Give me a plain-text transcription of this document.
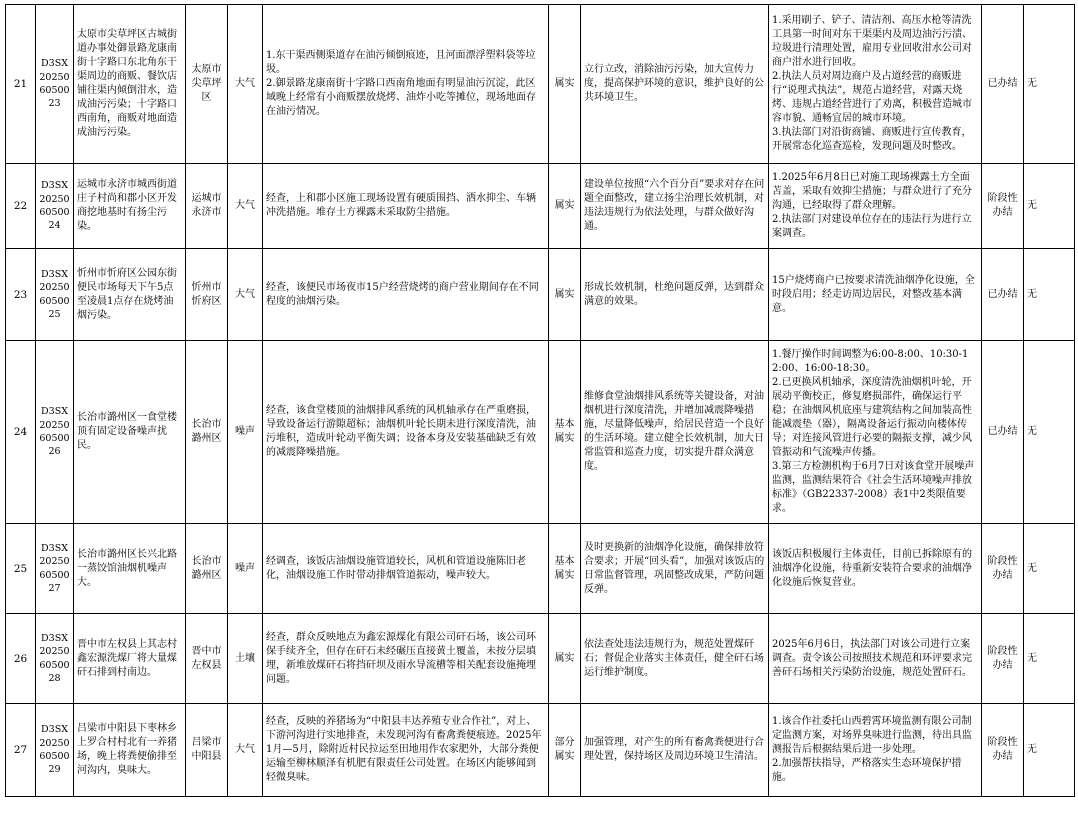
21	D3SX202506050023	太原市尖草坪区古城街道办事处御景路龙康南街十字路口东北角东干渠周边的商贩、餐饮店铺往渠内倾倒泔水，造成油污污染；十字路口西南角，商贩对地面造成油污污染。	太原市尖草坪区	大气	1.东干渠西侧渠道存在油污倾倒痕迹，且河面漂浮塑料袋等垃圾。
2.御景路龙康南街十字路口西南角地面有明显油污沉淀，此区域晚上经常有小商贩摆放烧烤、油炸小吃等摊位，现场地面存在油污情况。	属实	立行立改，消除油污污染，加大宣传力度，提高保护环境的意识，维护良好的公共环境卫生。	1.采用刷子、铲子、清洁剂、高压水枪等清洗工具第一时间对东干渠渠内及周边油污污渍、垃圾进行清理处置，雇用专业回收泔水公司对商户泔水进行回收。
2.执法人员对周边商户及占道经营的商贩进行“说理式执法”，规范占道经营，对露天烧烤、违规占道经营进行了劝离，积极营造城市容市貌、通畅宜居的城市环境。
3.执法部门对沿街商铺、商贩进行宣传教育，开展常态化巡查巡检，发现问题及时整改。	已办结	无
22	D3SX202506050024	运城市永济市城西街道庄子村尚和郡小区开发商挖地基时有扬尘污染。	运城市永济市	大气	经查，上和郡小区施工现场设置有硬质围挡、洒水抑尘、车辆冲洗措施。堆存土方裸露未采取防尘措施。	属实	建设单位按照“六个百分百”要求对存在问题全面整改，建立扬尘治理长效机制，对违法违规行为依法处理，与群众做好沟通。	1.2025年6月8日已对施工现场裸露土方全面苫盖，采取有效抑尘措施；与群众进行了充分沟通，已经取得了群众理解。
2.执法部门对建设单位存在的违法行为进行立案调查。	阶段性办结	无
23	D3SX202506050025	忻州市忻府区公园东街便民市场每天下午5点至凌晨1点存在烧烤油烟污染。	忻州市忻府区	大气	经查，该便民市场夜市15户经营烧烤的商户营业期间存在不同程度的油烟污染。	属实	形成长效机制，杜绝问题反弹，达到群众满意的效果。	15户烧烤商户已按要求清洗油烟净化设施，全时段启用；经走访周边居民，对整改基本满意。	已办结	无
24	D3SX202506050026	长治市潞州区一食堂楼顶有固定设备噪声扰民。	长治市潞州区	噪声	经查，该食堂楼顶的油烟排风系统的风机轴承存在严重磨损，导致设备运行游隙超标；油烟机叶轮长期未进行深度清洗，油污堆积，造成叶轮动平衡失调；设备本身及安装基础缺乏有效的减震降噪措施。	基本属实	维修食堂油烟排风系统等关键设备，对油烟机进行深度清洗，并增加减震降噪措施，尽量降低噪声，给居民营造一个良好的生活环境。建立健全长效机制，加大日常监管和巡查力度，切实提升群众满意度。	1.餐厅操作时间调整为6:00-8:00、10:30-12:00、16:00-18:30。
2.已更换风机轴承，深度清洗油烟机叶轮，开展动平衡校正，修复磨损部件，确保运行平稳；在油烟风机底座与建筑结构之间加装高性能减震垫（器），隔离设备运行振动向楼体传导；对连接风管进行必要的隔振支撑，减少风管振动和气流噪声传播。
3.第三方检测机构于6月7日对该食堂开展噪声监测，监测结果符合《社会生活环境噪声排放标准》（GB22337-2008）表1中2类限值要求。	已办结	无
25	D3SX202506050027	长治市潞州区长兴北路一蒸饺馆油烟机噪声大。	长治市潞州区	噪声	经调查，该饭店油烟设施管道较长，风机和管道设施陈旧老化，油烟设施工作时带动排烟管道振动，噪声较大。	基本属实	及时更换新的油烟净化设施，确保排放符合要求；开展“回头看”，加强对该饭店的日常监督管理，巩固整改成果，严防问题反弹。	该饭店积极履行主体责任，目前已拆除原有的油烟净化设施，待重新安装符合要求的油烟净化设施后恢复营业。	阶段性办结	无
26	D3SX202506050028	晋中市左权县上其志村鑫宏源洗煤厂将大量煤矸石排到村南边。	晋中市左权县	土壤	经查，群众反映地点为鑫宏源煤化有限公司矸石场，该公司环保手续齐全，但存在矸石未经碾压直接黄土覆盖，未按分层填埋，新堆放煤矸石将挡矸坝及雨水导流槽等相关配套设施掩埋问题。	属实	依法查处违法违规行为，规范处置煤矸石；督促企业落实主体责任，健全矸石场运行维护制度。	2025年6月6日，执法部门对该公司进行立案调查。责令该公司按照技术规范和环评要求完善矸石场相关污染防治设施，规范处置矸石。	阶段性办结	无
27	D3SX202506050029	吕梁市中阳县下枣林乡上罗合村村北有一养猪场，晚上将粪便偷排至河沟内，臭味大。	吕梁市中阳县	大气	经查，反映的养猪场为“中阳县丰达养殖专业合作社”，对上、下游河沟进行实地排查，未发现河沟有畜禽粪便痕迹。2025年1月—5月，除附近村民拉运至田地用作农家肥外，大部分粪便运输至柳林顺泽有机肥有限责任公司处置。在场区内能够闻到轻微臭味。	部分属实	加强管理，对产生的所有畜禽粪便进行合理处置，保持场区及周边环境卫生清洁。	1.该合作社委托山西碧霄环境监测有限公司制定监测方案，对场界臭味进行监测，待出具监测报告后根据结果后进一步处理。
2.加强帮扶指导，严格落实生态环境保护措施。	阶段性办结	无
